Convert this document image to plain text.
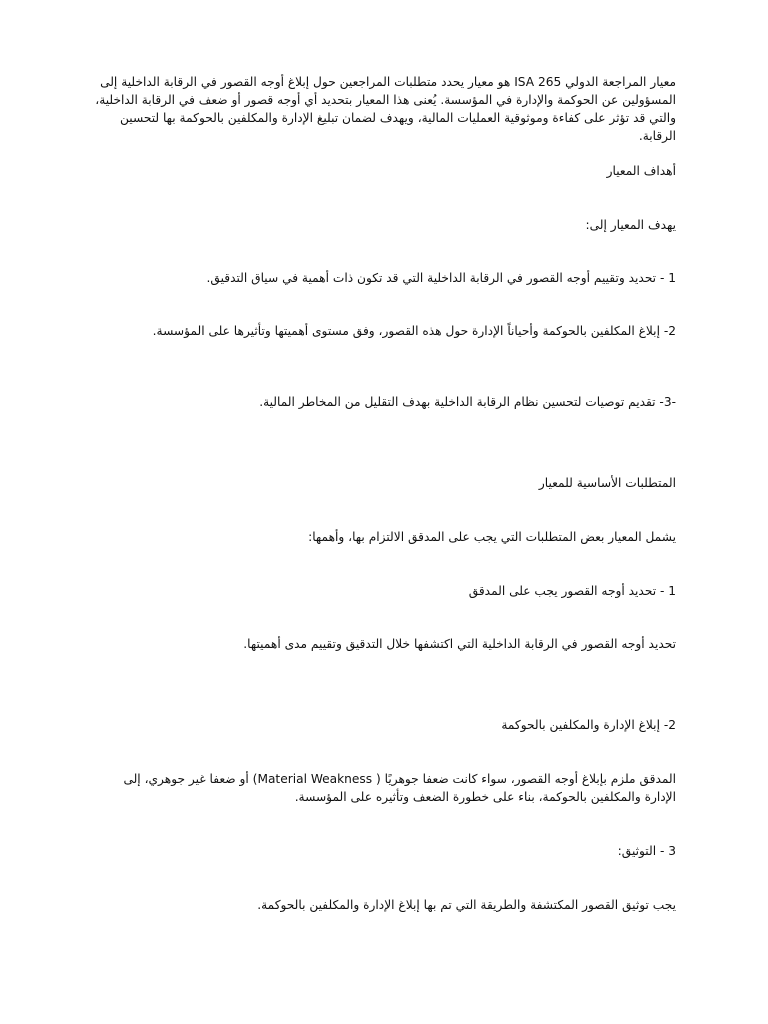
معيار المراجعة الدولي ISA 265 هو معيار يحدد متطلبات المراجعين حول إبلاغ أوجه القصور في الرقابة الداخلية إلى المسؤولين عن الحوكمة والإدارة في المؤسسة. يُعنى هذا المعيار بتحديد أي أوجه قصور أو ضعف في الرقابة الداخلية، والتي قد تؤثر على كفاءة وموثوقية العمليات المالية، ويهدف لضمان تبليغ الإدارة والمكلفين بالحوكمة بها لتحسين الرقابة.

أهداف المعيار

يهدف المعيار إلى:

1 - تحديد وتقييم أوجه القصور في الرقابة الداخلية التي قد تكون ذات أهمية في سياق التدقيق.

2- إبلاغ المكلفين بالحوكمة وأحياناً الإدارة حول هذه القصور، وفق مستوى أهميتها وتأثيرها على المؤسسة.

-3- تقديم توصيات لتحسين نظام الرقابة الداخلية بهدف التقليل من المخاطر المالية.

المتطلبات الأساسية للمعيار

يشمل المعيار بعض المتطلبات التي يجب على المدقق الالتزام بها، وأهمها:

1 - تحديد أوجه القصور يجب على المدقق

تحديد أوجه القصور في الرقابة الداخلية التي اكتشفها خلال التدقيق وتقييم مدى أهميتها.

2- إبلاغ الإدارة والمكلفين بالحوكمة

المدقق ملزم بإبلاغ أوجه القصور، سواء كانت ضعفا جوهريًا ( Material Weakness) أو ضعفا غير جوهري، إلى الإدارة والمكلفين بالحوكمة، بناء على خطورة الضعف وتأثيره على المؤسسة.

3 - التوثيق:

يجب توثيق القصور المكتشفة والطريقة التي تم بها إبلاغ الإدارة والمكلفين بالحوكمة.
